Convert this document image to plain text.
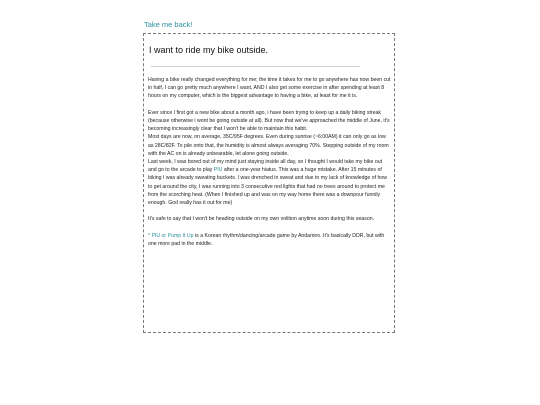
Take me back!
I want to ride my bike outside.

Having a bike really changed everything for me; the time it takes for me to go anywhere has now been cut in half, I can go pretty much anywhere I want, AND I also get some exercise in after spending at least 8 hours on my computer, which is the biggest advantage to having a bike, at least for me it is.

Ever since I first got a new bike about a month ago, i have been trying to keep up a daily biking streak (because otherwise i wont be going outside at all). But now that we've approached the middle of June, it's becoming increasingly clear that I won't be able to maintain this habit.

Most days are now, on average, 35C/95F degrees. Even during sunrise (~6:00AM) it can only go as low as 28C/82F. To pile onto that, the humidity is almost always averaging 70%. Stepping outside of my room with the AC on is already unbearable, let alone going outside.

Last week, I was bored out of my mind just staying inside all day, so I thought I would take my bike out and go to the arcade to play PIU after a one-year hiatus. This was a huge mistake. After 15 minutes of biking I was already sweating buckets. I was drenched in sweat and due to my lack of knowledge of how to get around the city, I was running into 3 consecutive red lights that had no trees around to protect me from the scorching heat. (When I finished up and was on my way home there was a downpour funnily enough. God really has it out for me)

It's safe to say that I won't be heading outside on my own volition anytime soon during this season.

* PIU or Pump It Up is a Korean rhythm/dancing/arcade game by Andamiro. It's basically DDR, but with one more pad in the middle.
